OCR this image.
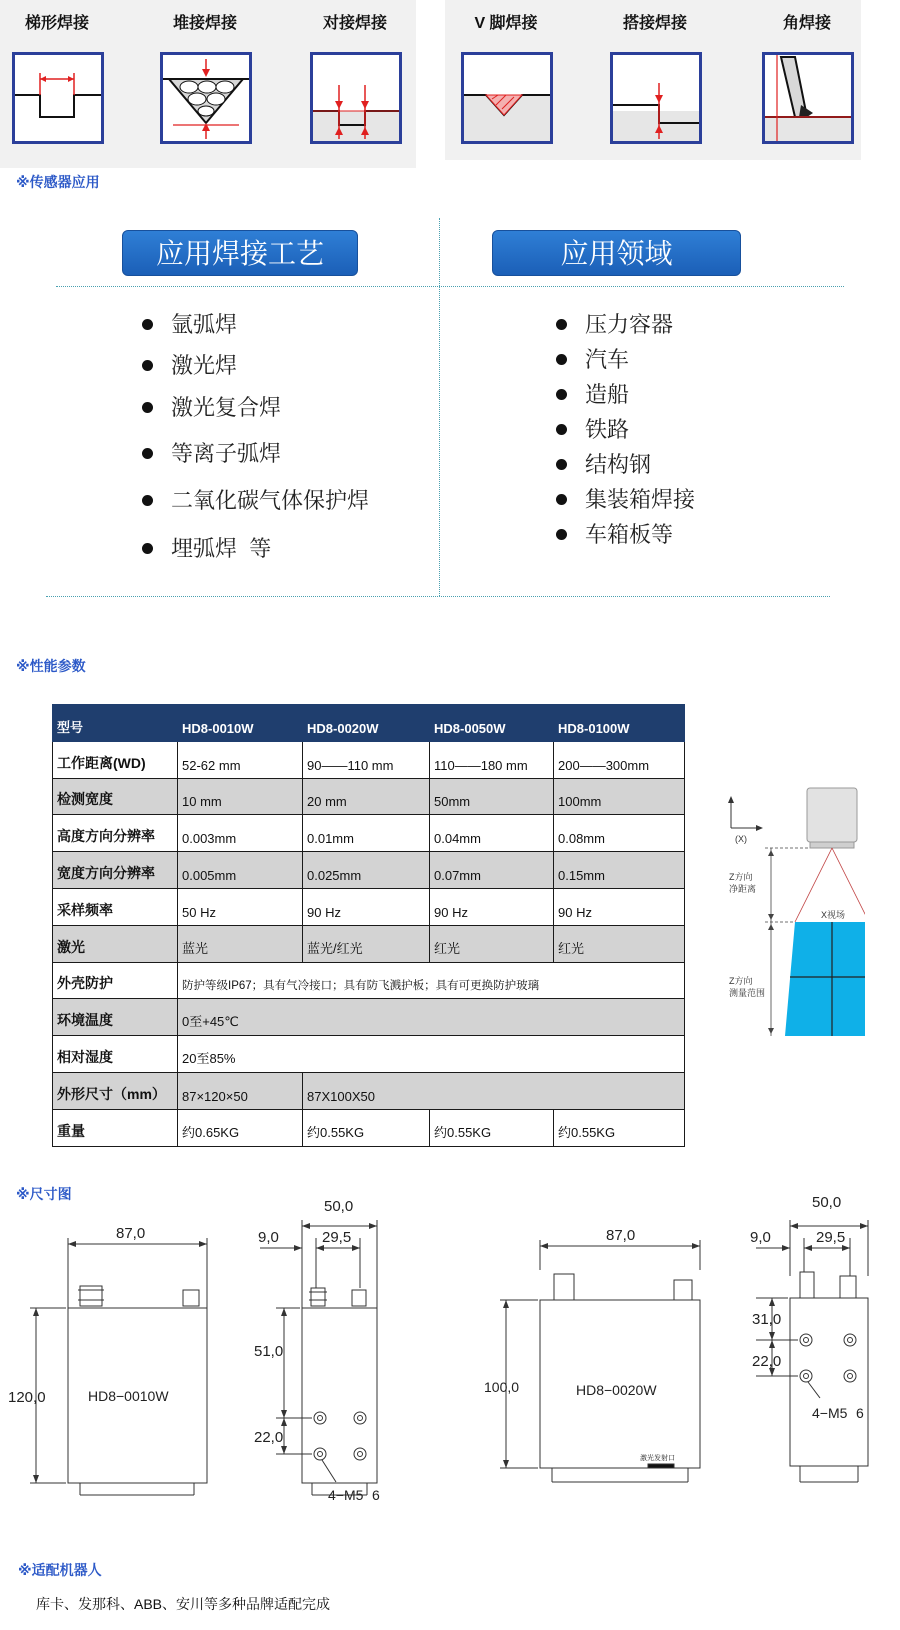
梯形焊接	堆接焊接	对接焊接	V 脚焊接	搭接焊接	角焊接
※传感器应用
应用焊接工艺	应用领域
氩弧焊
激光焊
激光复合焊
等离子弧焊
二氧化碳气体保护焊
埋弧焊  等
压力容器
汽车
造船
铁路
结构钢
集装箱焊接
车箱板等
※性能参数
型号	HD8-0010W	HD8-0020W	HD8-0050W	HD8-0100W
工作距离(WD)	52-62 mm	90——110 mm	110——180 mm	200——300mm
检测宽度	10 mm	20 mm	50mm	100mm
高度方向分辨率	0.003mm	0.01mm	0.04mm	0.08mm
宽度方向分辨率	0.005mm	0.025mm	0.07mm	0.15mm
采样频率	50 Hz	90 Hz	90 Hz	90 Hz
激光	蓝光	蓝光/红光	红光	红光
外壳防护	防护等级IP67；具有气冷接口；具有防飞溅护板；具有可更换防护玻璃			
环境温度	0至+45℃			
相对湿度	20至85%			
外形尺寸（mm）	87×120×50	87X100X50		
重量	约0.65KG	约0.55KG	约0.55KG	约0.55KG
(X)
X视场
Z方向
净距离
Z方向
测量范围
※尺寸图
87,0
120,0	HD8−0010W
9,0	29,5
51,0
22,0
4−M5 6
87,0
100,0	HD8−0020W
激光发射口
9,0	29,5
31,0
22,0
4−M5 6
50,0	50,0
※适配机器人
库卡、发那科、ABB、安川等多种品牌适配完成
